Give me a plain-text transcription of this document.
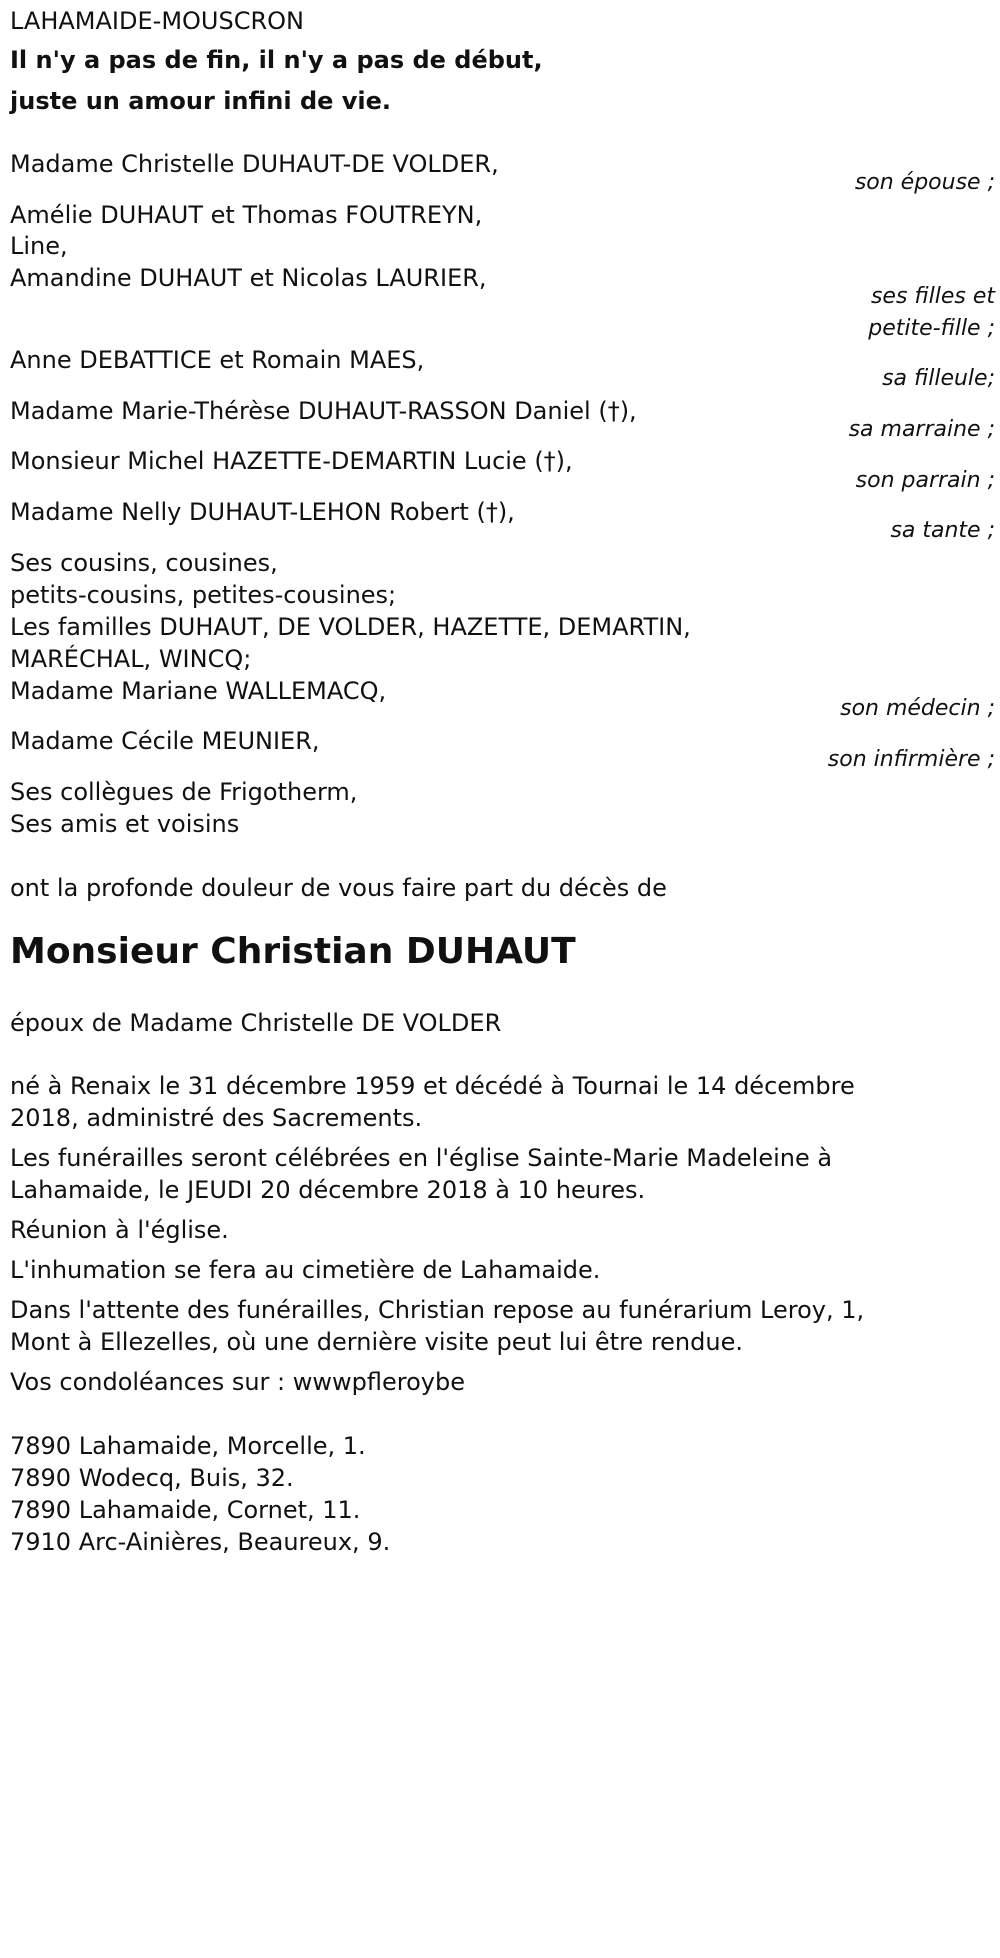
LAHAMAIDE-MOUSCRON
Il n'y a pas de fin, il n'y a pas de début,
juste un amour infini de vie.
Madame Christelle DUHAUT-DE VOLDER,
son épouse ;
Amélie DUHAUT et Thomas FOUTREYN,
Line,
Amandine DUHAUT et Nicolas LAURIER,
ses filles et
petite-fille ;
Anne DEBATTICE et Romain MAES,
sa filleule;
Madame Marie-Thérèse DUHAUT-RASSON Daniel (†),
sa marraine ;
Monsieur Michel HAZETTE-DEMARTIN Lucie (†),
son parrain ;
Madame Nelly DUHAUT-LEHON Robert (†),
sa tante ;
Ses cousins, cousines,
petits-cousins, petites-cousines;
Les familles DUHAUT, DE VOLDER, HAZETTE, DEMARTIN,
MARÉCHAL, WINCQ;
Madame Mariane WALLEMACQ,
son médecin ;
Madame Cécile MEUNIER,
son infirmière ;
Ses collègues de Frigotherm,
Ses amis et voisins
ont la profonde douleur de vous faire part du décès de
Monsieur Christian DUHAUT
époux de Madame Christelle DE VOLDER
né à Renaix le 31 décembre 1959 et décédé à Tournai le 14 décembre
2018, administré des Sacrements.
Les funérailles seront célébrées en l'église Sainte-Marie Madeleine à
Lahamaide, le JEUDI 20 décembre 2018 à 10 heures.
Réunion à l'église.
L'inhumation se fera au cimetière de Lahamaide.
Dans l'attente des funérailles, Christian repose au funérarium Leroy, 1,
Mont à Ellezelles, où une dernière visite peut lui être rendue.
Vos condoléances sur : wwwpfleroybe
7890 Lahamaide, Morcelle, 1.
7890 Wodecq, Buis, 32.
7890 Lahamaide, Cornet, 11.
7910 Arc-Ainières, Beaureux, 9.
